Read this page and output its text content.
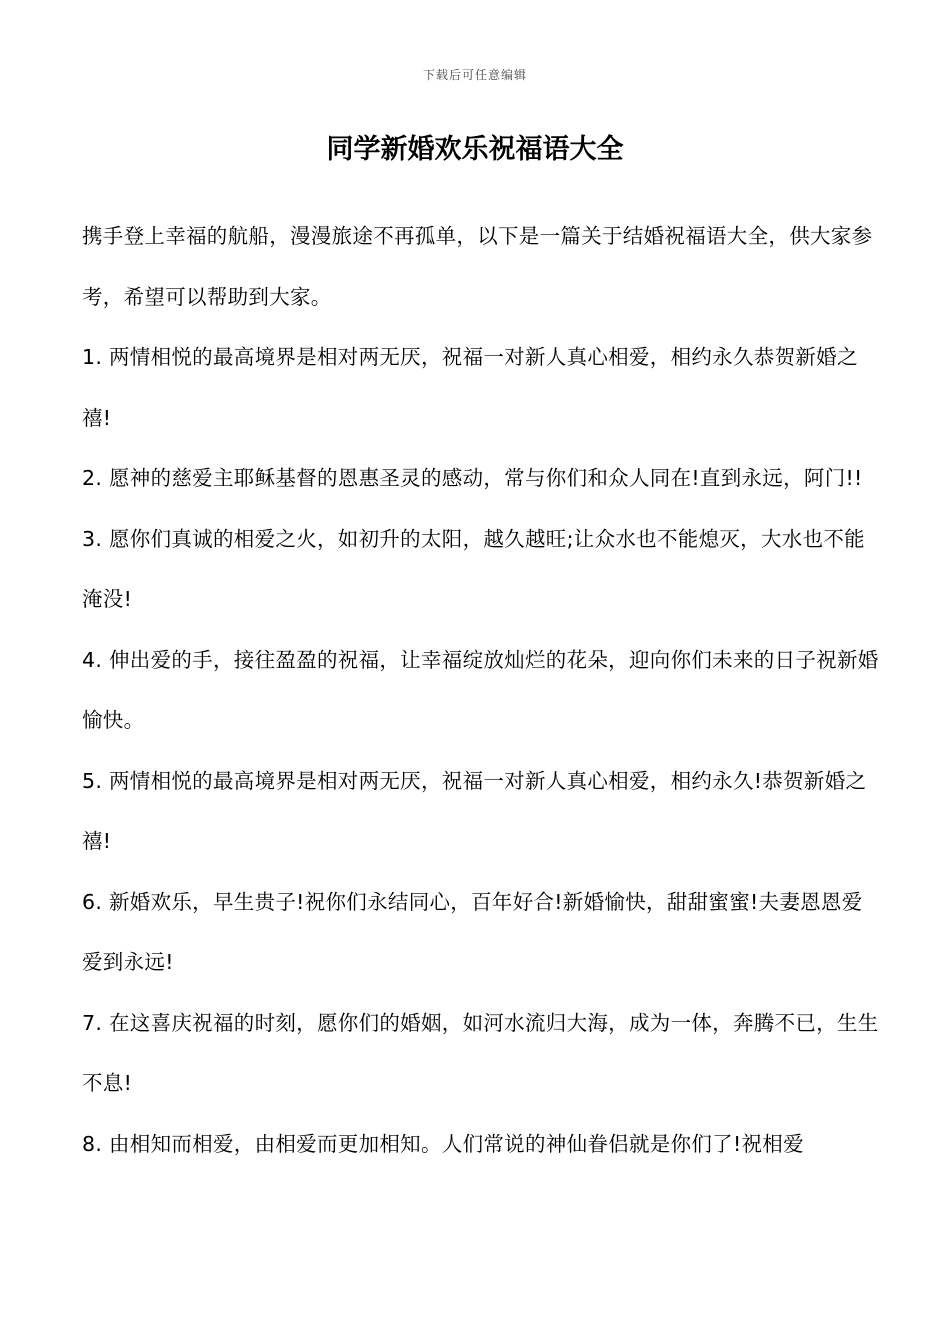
下载后可任意编辑
同学新婚欢乐祝福语大全

携手登上幸福的航船，漫漫旅途不再孤单，以下是一篇关于结婚祝福语大全，供大家参考，希望可以帮助到大家。

1. 两情相悦的最高境界是相对两无厌，祝福一对新人真心相爱，相约永久恭贺新婚之禧!

2. 愿神的慈爱主耶稣基督的恩惠圣灵的感动，常与你们和众人同在!直到永远，阿门!!

3. 愿你们真诚的相爱之火，如初升的太阳，越久越旺;让众水也不能熄灭，大水也不能淹没!

4. 伸出爱的手，接往盈盈的祝福，让幸福绽放灿烂的花朵，迎向你们未来的日子祝新婚愉快。

5. 两情相悦的最高境界是相对两无厌，祝福一对新人真心相爱，相约永久!恭贺新婚之禧!

6. 新婚欢乐，早生贵子!祝你们永结同心，百年好合!新婚愉快，甜甜蜜蜜!夫妻恩恩爱爱到永远!

7. 在这喜庆祝福的时刻，愿你们的婚姻，如河水流归大海，成为一体，奔腾不已，生生不息!

8. 由相知而相爱，由相爱而更加相知。人们常说的神仙眷侣就是你们了!祝相爱
